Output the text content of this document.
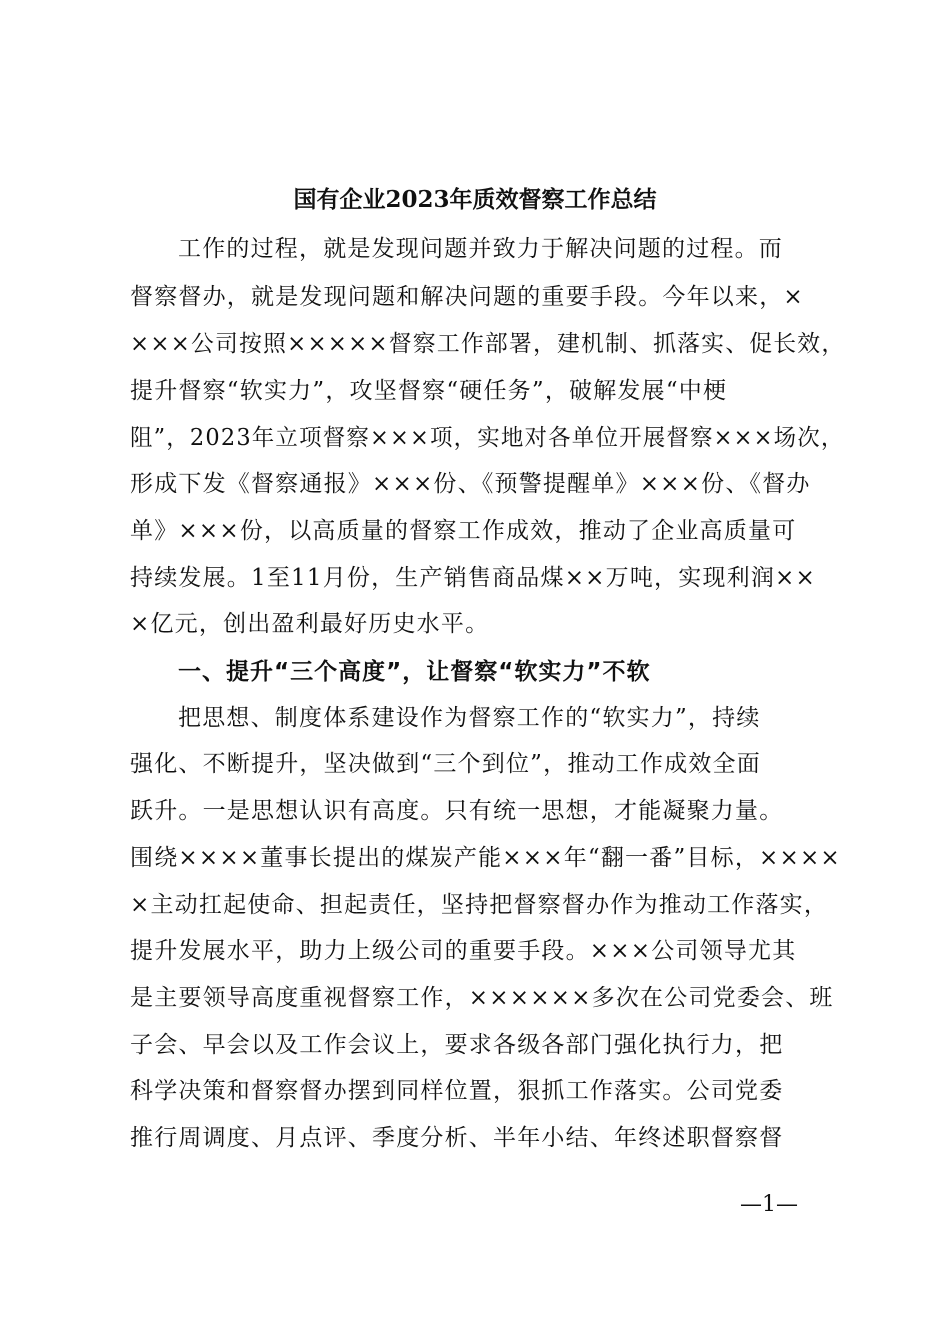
国有企业2023年质效督察工作总结
工作的过程，就是发现问题并致力于解决问题的过程。而
督察督办，就是发现问题和解决问题的重要手段。今年以来，×
×××公司按照×××××督察工作部署，建机制、抓落实、促长效，
提升督察“软实力”，攻坚督察“硬任务”，破解发展“中梗
阻”，2023年立项督察×××项，实地对各单位开展督察×××场次，
形成下发《督察通报》×××份、《预警提醒单》×××份、《督办
单》×××份，以高质量的督察工作成效，推动了企业高质量可
持续发展。1至11月份，生产销售商品煤××万吨，实现利润××
×亿元，创出盈利最好历史水平。
一、提升“三个高度”，让督察“软实力”不软
把思想、制度体系建设作为督察工作的“软实力”，持续
强化、不断提升，坚决做到“三个到位”，推动工作成效全面
跃升。一是思想认识有高度。只有统一思想，才能凝聚力量。
围绕××××董事长提出的煤炭产能×××年“翻一番”目标，××××
×主动扛起使命、担起责任，坚持把督察督办作为推动工作落实，
提升发展水平，助力上级公司的重要手段。×××公司领导尤其
是主要领导高度重视督察工作，××××××多次在公司党委会、班
子会、早会以及工作会议上，要求各级各部门强化执行力，把
科学决策和督察督办摆到同样位置，狠抓工作落实。公司党委
推行周调度、月点评、季度分析、半年小结、年终述职督察督
—1—
